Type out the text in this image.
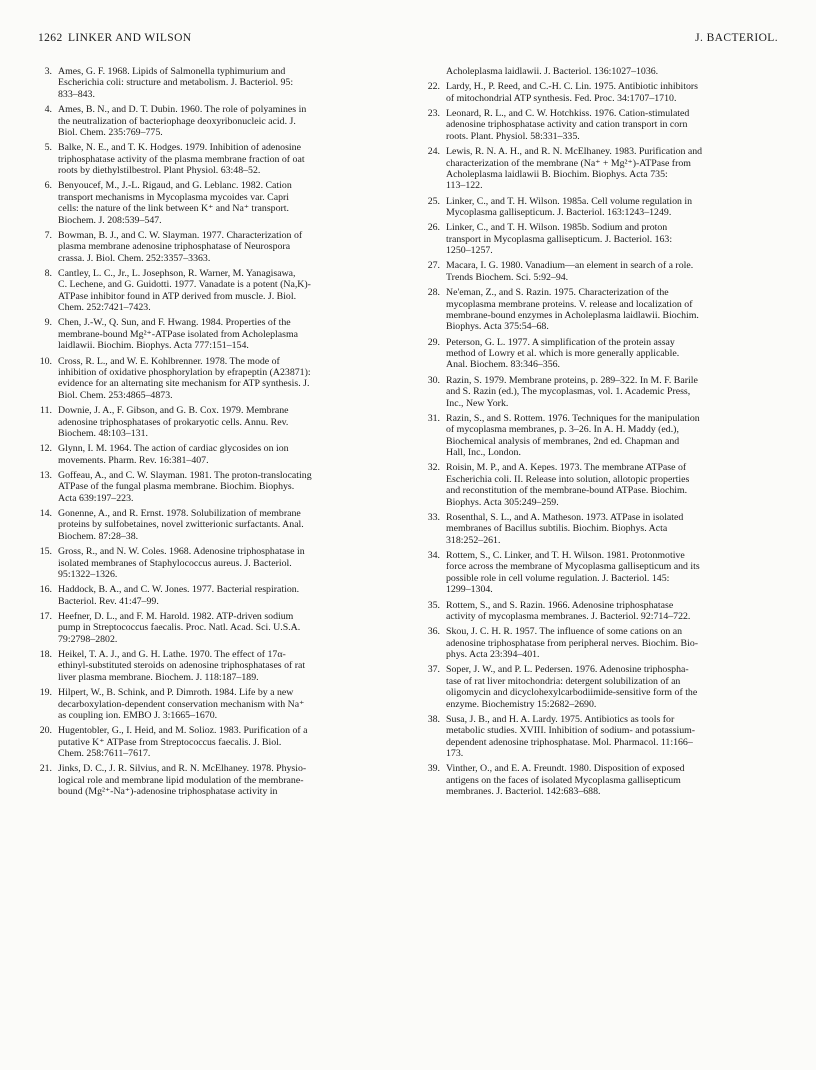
1262 LINKER AND WILSON	J. BACTERIOL.
3. Ames, G. F. 1968. Lipids of Salmonella typhimurium and
Escherichia coli: structure and metabolism. J. Bacteriol. 95:
833–843.
4. Ames, B. N., and D. T. Dubin. 1960. The role of polyamines in
the neutralization of bacteriophage deoxyribonucleic acid. J.
Biol. Chem. 235:769–775.
5. Balke, N. E., and T. K. Hodges. 1979. Inhibition of adenosine
triphosphatase activity of the plasma membrane fraction of oat
roots by diethylstilbestrol. Plant Physiol. 63:48–52.
6. Benyoucef, M., J.-L. Rigaud, and G. Leblanc. 1982. Cation
transport mechanisms in Mycoplasma mycoides var. Capri
cells: the nature of the link between K⁺ and Na⁺ transport.
Biochem. J. 208:539–547.
7. Bowman, B. J., and C. W. Slayman. 1977. Characterization of
plasma membrane adenosine triphosphatase of Neurospora
crassa. J. Biol. Chem. 252:3357–3363.
8. Cantley, L. C., Jr., L. Josephson, R. Warner, M. Yanagisawa,
C. Lechene, and G. Guidotti. 1977. Vanadate is a potent (Na,K)-
ATPase inhibitor found in ATP derived from muscle. J. Biol.
Chem. 252:7421–7423.
9. Chen, J.-W., Q. Sun, and F. Hwang. 1984. Properties of the
membrane-bound Mg²⁺-ATPase isolated from Acholeplasma
laidlawii. Biochim. Biophys. Acta 777:151–154.
10. Cross, R. L., and W. E. Kohlbrenner. 1978. The mode of
inhibition of oxidative phosphorylation by efrapeptin (A23871):
evidence for an alternating site mechanism for ATP synthesis. J.
Biol. Chem. 253:4865–4873.
11. Downie, J. A., F. Gibson, and G. B. Cox. 1979. Membrane
adenosine triphosphatases of prokaryotic cells. Annu. Rev.
Biochem. 48:103–131.
12. Glynn, I. M. 1964. The action of cardiac glycosides on ion
movements. Pharm. Rev. 16:381–407.
13. Goffeau, A., and C. W. Slayman. 1981. The proton-translocating
ATPase of the fungal plasma membrane. Biochim. Biophys.
Acta 639:197–223.
14. Gonenne, A., and R. Ernst. 1978. Solubilization of membrane
proteins by sulfobetaines, novel zwitterionic surfactants. Anal.
Biochem. 87:28–38.
15. Gross, R., and N. W. Coles. 1968. Adenosine triphosphatase in
isolated membranes of Staphylococcus aureus. J. Bacteriol.
95:1322–1326.
16. Haddock, B. A., and C. W. Jones. 1977. Bacterial respiration.
Bacteriol. Rev. 41:47–99.
17. Heefner, D. L., and F. M. Harold. 1982. ATP-driven sodium
pump in Streptococcus faecalis. Proc. Natl. Acad. Sci. U.S.A.
79:2798–2802.
18. Heikel, T. A. J., and G. H. Lathe. 1970. The effect of 17α-
ethinyl-substituted steroids on adenosine triphosphatases of rat
liver plasma membrane. Biochem. J. 118:187–189.
19. Hilpert, W., B. Schink, and P. Dimroth. 1984. Life by a new
decarboxylation-dependent conservation mechanism with Na⁺
as coupling ion. EMBO J. 3:1665–1670.
20. Hugentobler, G., I. Heid, and M. Solioz. 1983. Purification of a
putative K⁺ ATPase from Streptococcus faecalis. J. Biol.
Chem. 258:7611–7617.
21. Jinks, D. C., J. R. Silvius, and R. N. McElhaney. 1978. Physio-
logical role and membrane lipid modulation of the membrane-
bound (Mg²⁺-Na⁺)-adenosine triphosphatase activity in
Acholeplasma laidlawii. J. Bacteriol. 136:1027–1036.
22. Lardy, H., P. Reed, and C.-H. C. Lin. 1975. Antibiotic inhibitors
of mitochondrial ATP synthesis. Fed. Proc. 34:1707–1710.
23. Leonard, R. L., and C. W. Hotchkiss. 1976. Cation-stimulated
adenosine triphosphatase activity and cation transport in corn
roots. Plant. Physiol. 58:331–335.
24. Lewis, R. N. A. H., and R. N. McElhaney. 1983. Purification and
characterization of the membrane (Na⁺ + Mg²⁺)-ATPase from
Acholeplasma laidlawii B. Biochim. Biophys. Acta 735:
113–122.
25. Linker, C., and T. H. Wilson. 1985a. Cell volume regulation in
Mycoplasma gallisepticum. J. Bacteriol. 163:1243–1249.
26. Linker, C., and T. H. Wilson. 1985b. Sodium and proton
transport in Mycoplasma gallisepticum. J. Bacteriol. 163:
1250–1257.
27. Macara, I. G. 1980. Vanadium—an element in search of a role.
Trends Biochem. Sci. 5:92–94.
28. Ne'eman, Z., and S. Razin. 1975. Characterization of the
mycoplasma membrane proteins. V. release and localization of
membrane-bound enzymes in Acholeplasma laidlawii. Biochim.
Biophys. Acta 375:54–68.
29. Peterson, G. L. 1977. A simplification of the protein assay
method of Lowry et al. which is more generally applicable.
Anal. Biochem. 83:346–356.
30. Razin, S. 1979. Membrane proteins, p. 289–322. In M. F. Barile
and S. Razin (ed.), The mycoplasmas, vol. 1. Academic Press,
Inc., New York.
31. Razin, S., and S. Rottem. 1976. Techniques for the manipulation
of mycoplasma membranes, p. 3–26. In A. H. Maddy (ed.),
Biochemical analysis of membranes, 2nd ed. Chapman and
Hall, Inc., London.
32. Roisin, M. P., and A. Kepes. 1973. The membrane ATPase of
Escherichia coli. II. Release into solution, allotopic properties
and reconstitution of the membrane-bound ATPase. Biochim.
Biophys. Acta 305:249–259.
33. Rosenthal, S. L., and A. Matheson. 1973. ATPase in isolated
membranes of Bacillus subtilis. Biochim. Biophys. Acta
318:252–261.
34. Rottem, S., C. Linker, and T. H. Wilson. 1981. Protonmotive
force across the membrane of Mycoplasma gallisepticum and its
possible role in cell volume regulation. J. Bacteriol. 145:
1299–1304.
35. Rottem, S., and S. Razin. 1966. Adenosine triphosphatase
activity of mycoplasma membranes. J. Bacteriol. 92:714–722.
36. Skou, J. C. H. R. 1957. The influence of some cations on an
adenosine triphosphatase from peripheral nerves. Biochim. Bio-
phys. Acta 23:394–401.
37. Soper, J. W., and P. L. Pedersen. 1976. Adenosine triphospha-
tase of rat liver mitochondria: detergent solubilization of an
oligomycin and dicyclohexylcarbodiimide-sensitive form of the
enzyme. Biochemistry 15:2682–2690.
38. Susa, J. B., and H. A. Lardy. 1975. Antibiotics as tools for
metabolic studies. XVIII. Inhibition of sodium- and potassium-
dependent adenosine triphosphatase. Mol. Pharmacol. 11:166–
173.
39. Vinther, O., and E. A. Freundt. 1980. Disposition of exposed
antigens on the faces of isolated Mycoplasma gallisepticum
membranes. J. Bacteriol. 142:683–688.
